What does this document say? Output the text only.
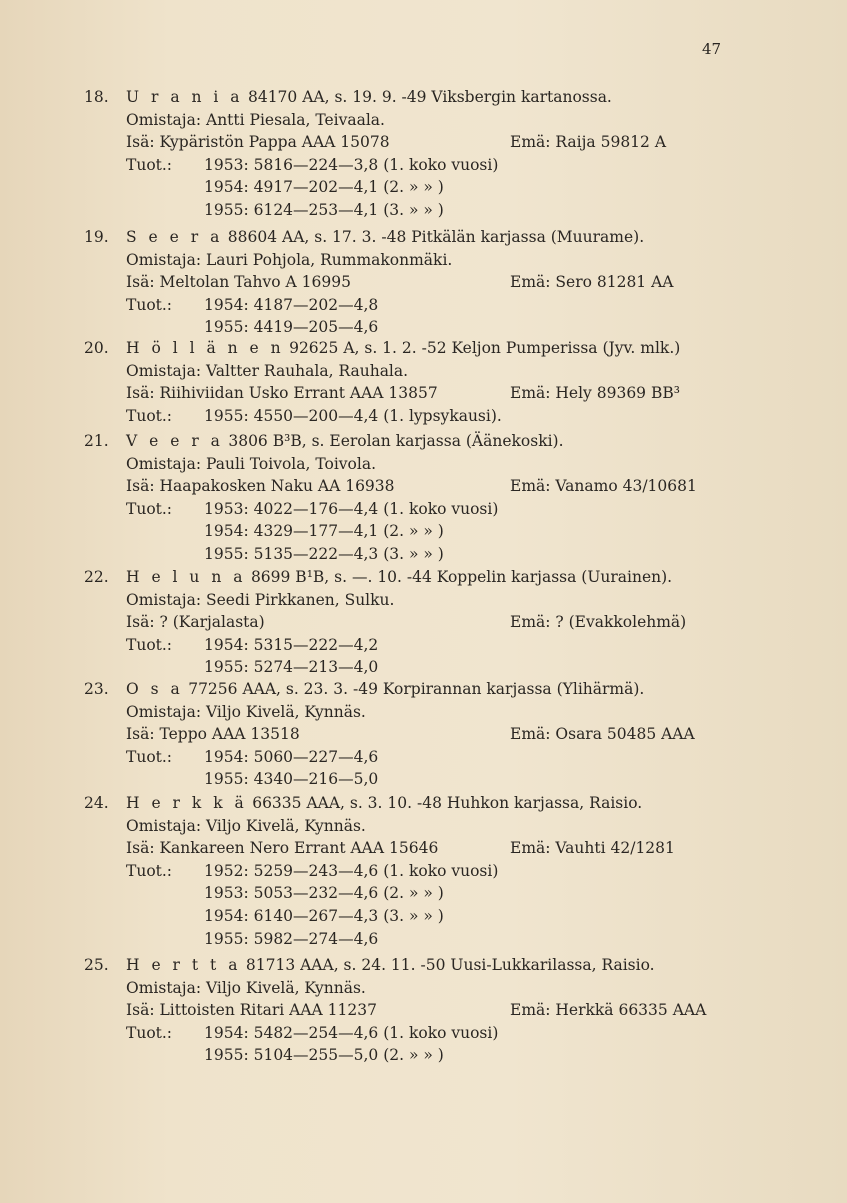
47
18.	U r a n i a 84170 AA, s. 19. 9. -49 Viksbergin kartanossa.
Omistaja: Antti Piesala, Teivaala.
Isä: Kypäristön Pappa AAA 15078	Emä: Raija 59812 A
Tuot.: 1953: 5816—224—3,8 (1. koko vuosi)
1954: 4917—202—4,1 (2. » » )
1955: 6124—253—4,1 (3. » » )
19.	S e e r a 88604 AA, s. 17. 3. -48 Pitkälän karjassa (Muurame).
Omistaja: Lauri Pohjola, Rummakonmäki.
Isä: Meltolan Tahvo A 16995	Emä: Sero 81281 AA
Tuot.: 1954: 4187—202—4,8
1955: 4419—205—4,6
20.	H ö l l ä n e n 92625 A, s. 1. 2. -52 Keljon Pumperissa (Jyv. mlk.)
Omistaja: Valtter Rauhala, Rauhala.
Isä: Riihiviidan Usko Errant AAA 13857	Emä: Hely 89369 BB³
Tuot.: 1955: 4550—200—4,4 (1. lypsykausi).
21.	V e e r a 3806 B³B, s. Eerolan karjassa (Äänekoski).
Omistaja: Pauli Toivola, Toivola.
Isä: Haapakosken Naku AA 16938	Emä: Vanamo 43/10681
Tuot.: 1953: 4022—176—4,4 (1. koko vuosi)
1954: 4329—177—4,1 (2. » » )
1955: 5135—222—4,3 (3. » » )
22.	H e l u n a 8699 B¹B, s. —. 10. -44 Koppelin karjassa (Uurainen).
Omistaja: Seedi Pirkkanen, Sulku.
Isä: ? (Karjalasta)	Emä: ? (Evakkolehmä)
Tuot.: 1954: 5315—222—4,2
1955: 5274—213—4,0
23.	O s a 77256 AAA, s. 23. 3. -49 Korpirannan karjassa (Ylihärmä).
Omistaja: Viljo Kivelä, Kynnäs.
Isä: Teppo AAA 13518	Emä: Osara 50485 AAA
Tuot.: 1954: 5060—227—4,6
1955: 4340—216—5,0
24.	H e r k k ä 66335 AAA, s. 3. 10. -48 Huhkon karjassa, Raisio.
Omistaja: Viljo Kivelä, Kynnäs.
Isä: Kankareen Nero Errant AAA 15646	Emä: Vauhti 42/1281
Tuot.: 1952: 5259—243—4,6 (1. koko vuosi)
1953: 5053—232—4,6 (2. » » )
1954: 6140—267—4,3 (3. » » )
1955: 5982—274—4,6
25.	H e r t t a 81713 AAA, s. 24. 11. -50 Uusi-Lukkarilassa, Raisio.
Omistaja: Viljo Kivelä, Kynnäs.
Isä: Littoisten Ritari AAA 11237	Emä: Herkkä 66335 AAA
Tuot.: 1954: 5482—254—4,6 (1. koko vuosi)
1955: 5104—255—5,0 (2. » » )
